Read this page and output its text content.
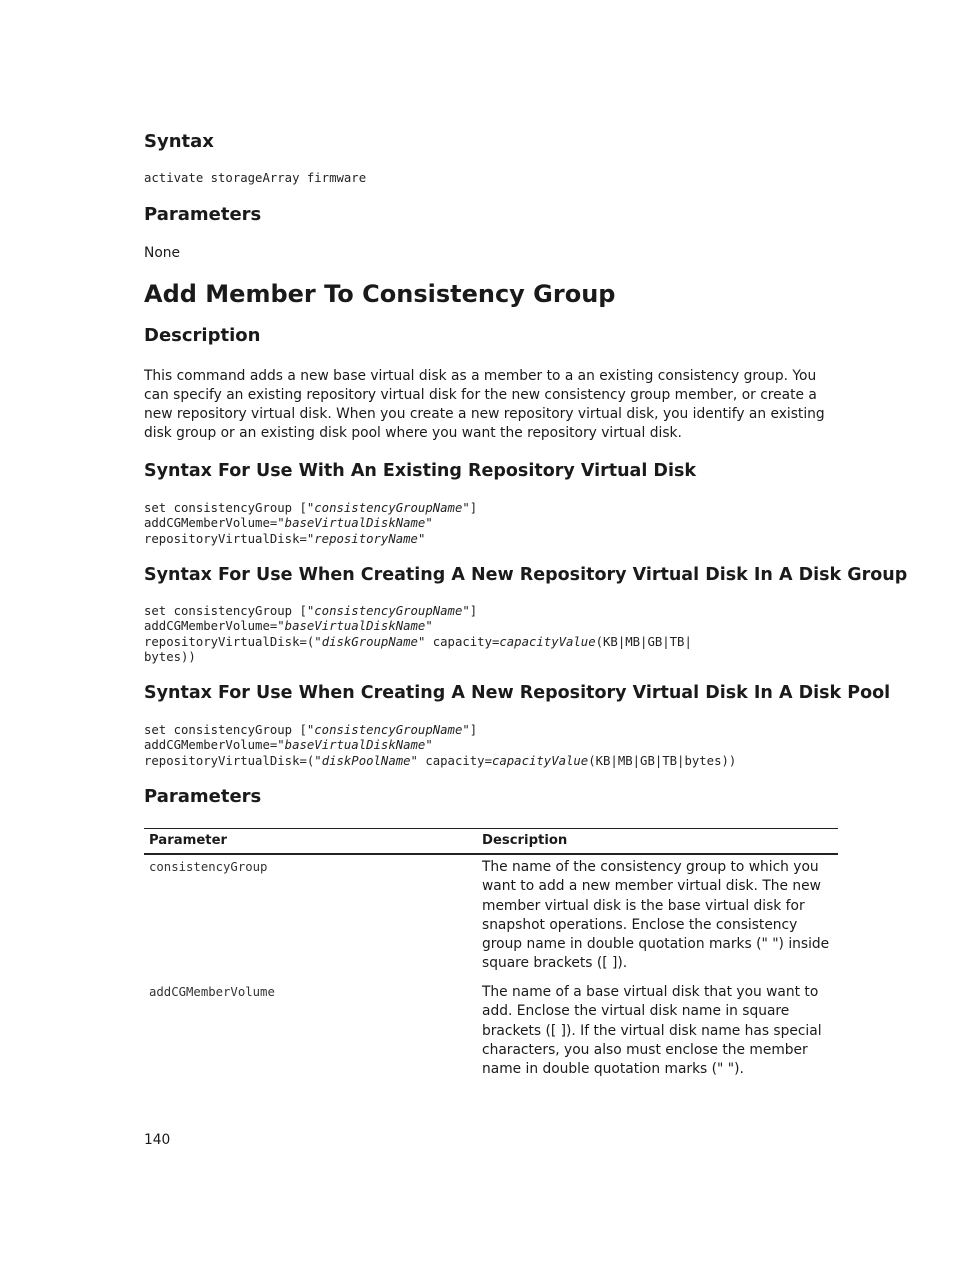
Syntax
activate storageArray firmware
Parameters

None

Add Member To Consistency Group
Description

This command adds a new base virtual disk as a member to a an existing consistency group. You can specify an existing repository virtual disk for the new consistency group member, or create a new repository virtual disk. When you create a new repository virtual disk, you identify an existing disk group or an existing disk pool where you want the repository virtual disk.

Syntax For Use With An Existing Repository Virtual Disk
set consistencyGroup ["consistencyGroupName"]
addCGMemberVolume="baseVirtualDiskName"
repositoryVirtualDisk="repositoryName"
Syntax For Use When Creating A New Repository Virtual Disk In A Disk Group
set consistencyGroup ["consistencyGroupName"]
addCGMemberVolume="baseVirtualDiskName"
repositoryVirtualDisk=("diskGroupName" capacity=capacityValue(KB|MB|GB|TB|
bytes))
Syntax For Use When Creating A New Repository Virtual Disk In A Disk Pool
set consistencyGroup ["consistencyGroupName"]
addCGMemberVolume="baseVirtualDiskName"
repositoryVirtualDisk=("diskPoolName" capacity=capacityValue(KB|MB|GB|TB|bytes))
Parameters
Parameter	Description
consistencyGroup	The name of the consistency group to which you want to add a new member virtual disk. The new member virtual disk is the base virtual disk for snapshot operations. Enclose the consistency group name in double quotation marks (" ") inside square brackets ([ ]).
addCGMemberVolume	The name of a base virtual disk that you want to add. Enclose the virtual disk name in square brackets ([ ]). If the virtual disk name has special characters, you also must enclose the member name in double quotation marks (" ").
140
